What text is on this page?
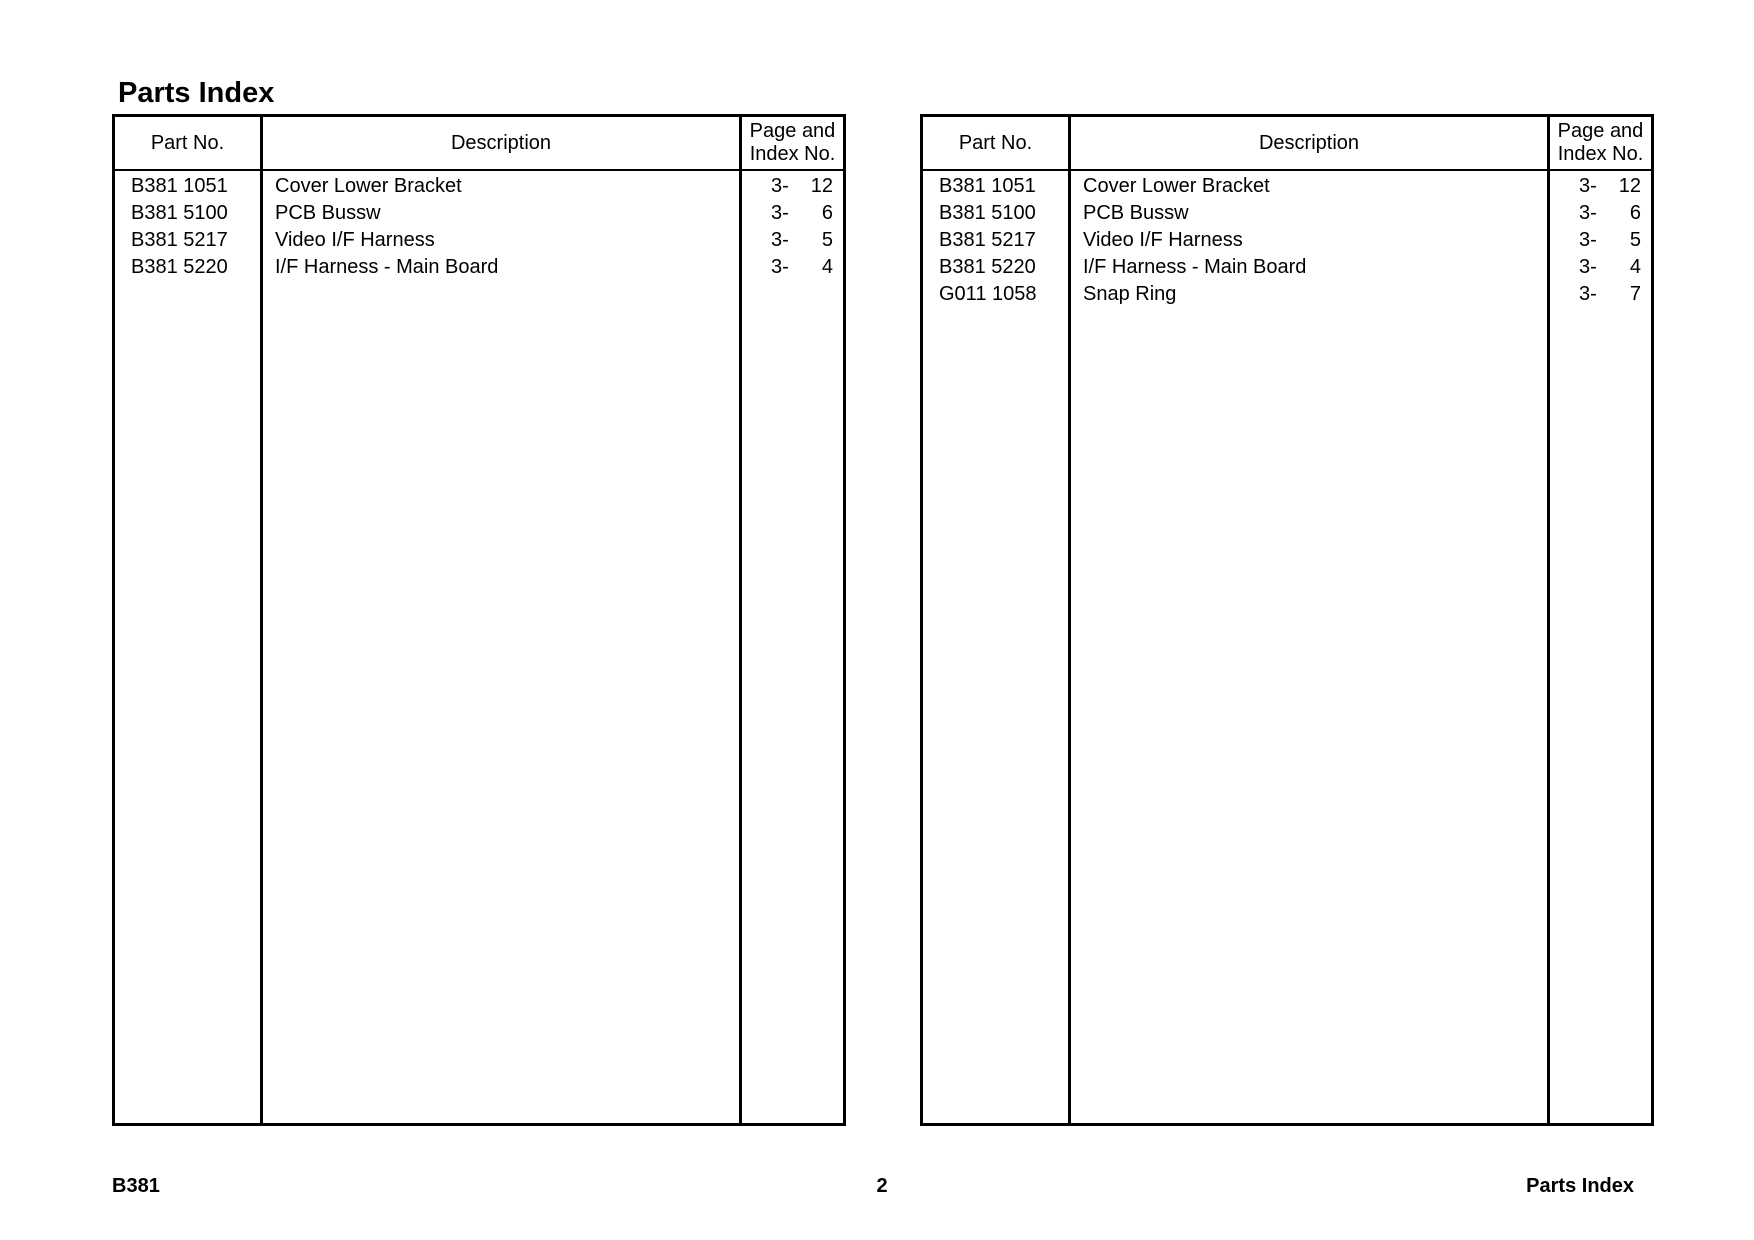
Parts Index
Part No.	Description
Page and
Index No.
B381 1051	Cover Lower Bracket	3-	12
B381 5100	PCB Bussw	3-	6
B381 5217	Video I/F Harness	3-	5
B381 5220	I/F Harness - Main Board	3-	4
Part No.	Description
Page and
Index No.
B381 1051	Cover Lower Bracket	3-	12
B381 5100	PCB Bussw	3-	6
B381 5217	Video I/F Harness	3-	5
B381 5220	I/F Harness - Main Board	3-	4
G011 1058	Snap Ring	3-	7
B381	2	Parts Index
